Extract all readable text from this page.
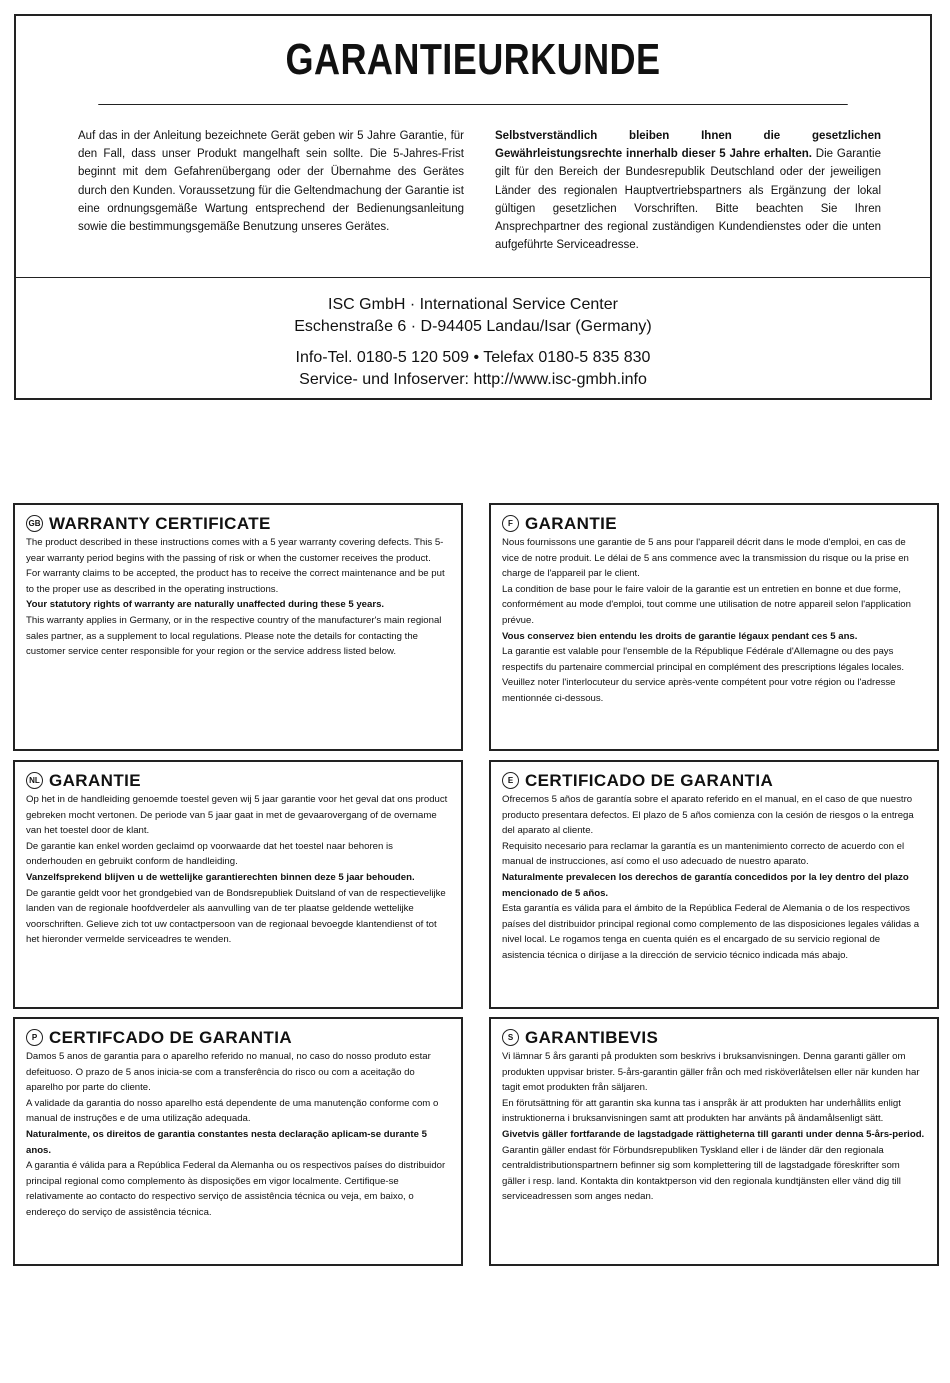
GARANTIEURKUNDE
Auf das in der Anleitung bezeichnete Gerät geben wir 5 Jahre Garantie, für den Fall, dass unser Produkt mangelhaft sein sollte. Die 5-Jahres-Frist beginnt mit dem Gefahrenübergang oder der Übernahme des Gerätes durch den Kunden. Voraussetzung für die Geltendmachung der Garantie ist eine ordnungsgemäße Wartung entsprechend der Bedienungsanleitung sowie die bestimmungsgemäße Benutzung unseres Gerätes.
Selbstverständlich bleiben Ihnen die gesetzlichen Gewährleistungsrechte innerhalb dieser 5 Jahre erhalten. Die Garantie gilt für den Bereich der Bundesrepublik Deutschland oder der jeweiligen Länder des regionalen Hauptvertriebspartners als Ergänzung der lokal gültigen gesetzlichen Vorschriften. Bitte beachten Sie Ihren Ansprechpartner des regional zuständigen Kundendienstes oder die unten aufgeführte Serviceadresse.
ISC GmbH · International Service Center
Eschenstraße 6 · D-94405 Landau/Isar (Germany)
Info-Tel. 0180-5 120 509 • Telefax 0180-5 835 830
Service- und Infoserver: http://www.isc-gmbh.info
GB WARRANTY CERTIFICATE

The product described in these instructions comes with a 5 year warranty covering defects. This 5-year warranty period begins with the passing of risk or when the customer receives the product.

For warranty claims to be accepted, the product has to receive the correct maintenance and be put to the proper use as described in the operating instructions.

Your statutory rights of warranty are naturally unaffected during these 5 years.

This warranty applies in Germany, or in the respective country of the manufacturer's main regional sales partner, as a supplement to local regulations. Please note the details for contacting the customer service center responsible for your region or the service address listed below.

F GARANTIE

Nous fournissons une garantie de 5 ans pour l'appareil décrit dans le mode d'emploi, en cas de vice de notre produit. Le délai de 5 ans commence avec la transmission du risque ou la prise en charge de l'appareil par le client.

La condition de base pour le faire valoir de la garantie est un entretien en bonne et due forme, conformément au mode d'emploi, tout comme une utilisation de notre appareil selon l'application prévue.

Vous conservez bien entendu les droits de garantie légaux pendant ces 5 ans.

La garantie est valable pour l'ensemble de la République Fédérale d'Allemagne ou des pays respectifs du partenaire commercial principal en complément des prescriptions légales locales. Veuillez noter l'interlocuteur du service après-vente compétent pour votre région ou l'adresse mentionnée ci-dessous.

NL GARANTIE

Op het in de handleiding genoemde toestel geven wij 5 jaar garantie voor het geval dat ons product gebreken mocht vertonen. De periode van 5 jaar gaat in met de gevaarovergang of de overname van het toestel door de klant.

De garantie kan enkel worden geclaimd op voorwaarde dat het toestel naar behoren is onderhouden en gebruikt conform de handleiding.

Vanzelfsprekend blijven u de wettelijke garantierechten binnen deze 5 jaar behouden.

De garantie geldt voor het grondgebied van de Bondsrepubliek Duitsland of van de respectievelijke landen van de regionale hoofdverdeler als aanvulling van de ter plaatse geldende wettelijke voorschriften. Gelieve zich tot uw contactpersoon van de regionaal bevoegde klantendienst of tot het hieronder vermelde serviceadres te wenden.

E CERTIFICADO DE GARANTIA

Ofrecemos 5 años de garantía sobre el aparato referido en el manual, en el caso de que nuestro producto presentara defectos. El plazo de 5 años comienza con la cesión de riesgos o la entrega del aparato al cliente.

Requisito necesario para reclamar la garantía es un mantenimiento correcto de acuerdo con el manual de instrucciones, así como el uso adecuado de nuestro aparato.

Naturalmente prevalecen los derechos de garantía concedidos por la ley dentro del plazo mencionado de 5 años.

Esta garantía es válida para el ámbito de la República Federal de Alemania o de los respectivos países del distribuidor principal regional como complemento de las disposiciones legales válidas a nivel local. Le rogamos tenga en cuenta quién es el encargado de su servicio regional de asistencia técnica o diríjase a la dirección de servicio técnico indicada más abajo.

P CERTIFCADO DE GARANTIA

Damos 5 anos de garantia para o aparelho referido no manual, no caso do nosso produto estar defeituoso. O prazo de 5 anos inicia-se com a transferência do risco ou com a aceitação do aparelho por parte do cliente.

A validade da garantia do nosso aparelho está dependente de uma manutenção conforme com o manual de instruções e de uma utilização adequada.

Naturalmente, os direitos de garantia constantes nesta declaração aplicam-se durante 5 anos.

A garantia é válida para a República Federal da Alemanha ou os respectivos países do distribuidor principal regional como complemento às disposições em vigor localmente. Certifique-se relativamente ao contacto do respectivo serviço de assistência técnica ou veja, em baixo, o endereço do serviço de assistência técnica.

S GARANTIBEVIS

Vi lämnar 5 års garanti på produkten som beskrivs i bruksanvisningen. Denna garanti gäller om produkten uppvisar brister. 5-års-garantin gäller från och med risköverlåtelsen eller när kunden har tagit emot produkten från säljaren.

En förutsättning för att garantin ska kunna tas i anspråk är att produkten har underhållits enligt instruktionerna i bruksanvisningen samt att produkten har använts på ändamålsenligt sätt.

Givetvis gäller fortfarande de lagstadgade rättigheterna till garanti under denna 5-års-period.

Garantin gäller endast för Förbundsrepubliken Tyskland eller i de länder där den regionala centraldistributionspartnern befinner sig som komplettering till de lagstadgade föreskrifter som gäller i resp. land. Kontakta din kontaktperson vid den regionala kundtjänsten eller vänd dig till serviceadressen som anges nedan.
